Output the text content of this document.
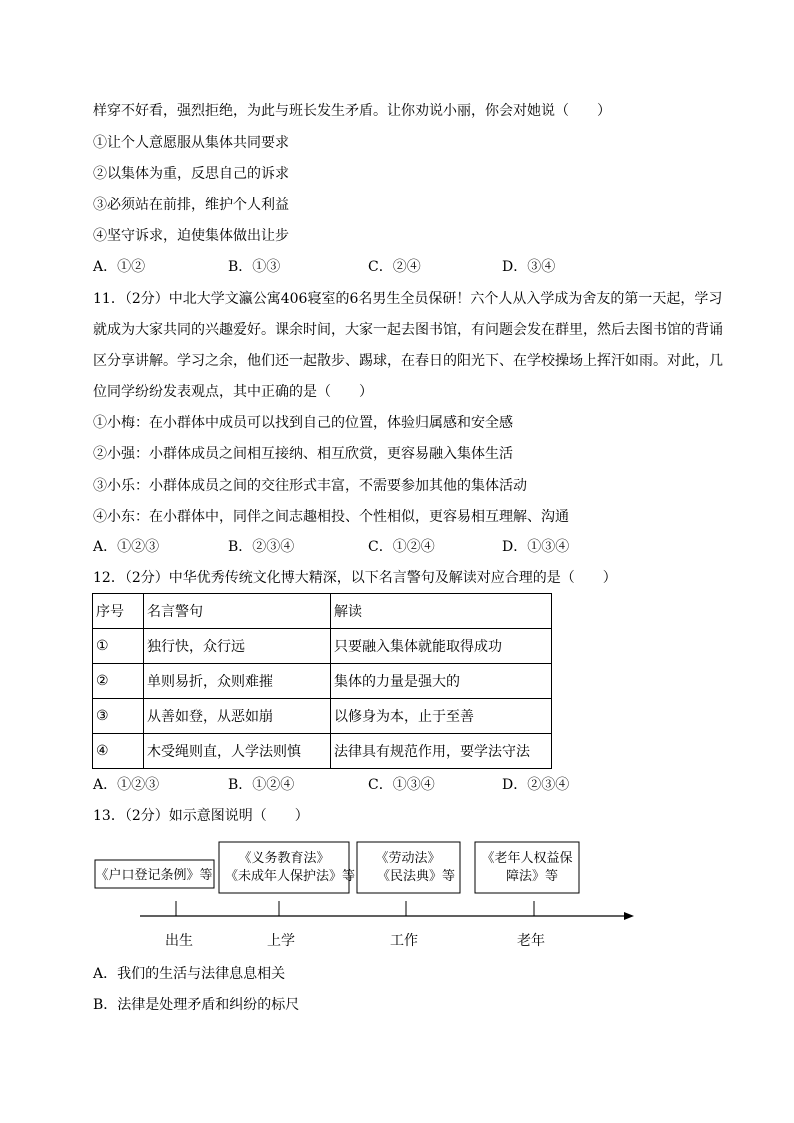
样穿不好看，强烈拒绝，为此与班长发生矛盾。让你劝说小丽，你会对她说（　　）
①让个人意愿服从集体共同要求
②以集体为重，反思自己的诉求
③必须站在前排，维护个人利益
④坚守诉求，迫使集体做出让步
A．①②	B．①③	C．②④	D．③④
11．（2分）中北大学文瀛公寓406寝室的6名男生全员保研！六个人从入学成为舍友的第一天起，学习
就成为大家共同的兴趣爱好。课余时间，大家一起去图书馆，有问题会发在群里，然后去图书馆的背诵
区分享讲解。学习之余，他们还一起散步、踢球，在春日的阳光下、在学校操场上挥汗如雨。对此，几
位同学纷纷发表观点，其中正确的是（　　）
①小梅：在小群体中成员可以找到自己的位置，体验归属感和安全感
②小强：小群体成员之间相互接纳、相互欣赏，更容易融入集体生活
③小乐：小群体成员之间的交往形式丰富，不需要参加其他的集体活动
④小东：在小群体中，同伴之间志趣相投、个性相似，更容易相互理解、沟通
A．①②③	B．②③④	C．①②④	D．①③④
12．（2分）中华优秀传统文化博大精深，以下名言警句及解读对应合理的是（　　）
序号	名言警句	解读
①	独行快，众行远	只要融入集体就能取得成功
②	单则易折，众则难摧	集体的力量是强大的
③	从善如登，从恶如崩	以修身为本，止于至善
④	木受绳则直，人学法则慎	法律具有规范作用，要学法守法
A．①②③	B．①②④	C．①③④	D．②③④
13．（2分）如示意图说明（　　）
《户口登记条例》等
《义务教育法》
《未成年人保护法》等
《劳动法》
《民法典》等
《老年人权益保
障法》等
出生	上学	工作	老年
A．我们的生活与法律息息相关
B．法律是处理矛盾和纠纷的标尺
